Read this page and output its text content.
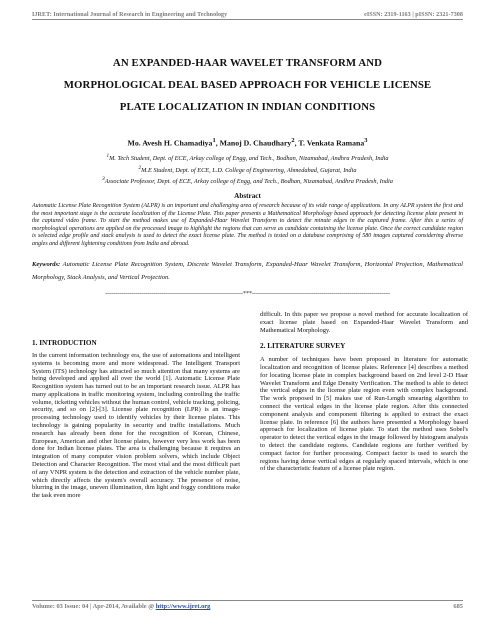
IJRET: International Journal of Research in Engineering and Technology	eISSN: 2319-1163 | pISSN: 2321-7308
AN EXPANDED-HAAR WAVELET TRANSFORM AND
MORPHOLOGICAL DEAL BASED APPROACH FOR VEHICLE LICENSE
PLATE LOCALIZATION IN INDIAN CONDITIONS
Mo. Avesh H. Chamadiya$^1$, Manoj D. Chaudhary$^2$, T. Venkata Ramana$^3$
$^1$M. Tech Student, Dept. of ECE, Arkay college of Engg, and Tech., Bodhan, Nizamabad, Andhra Pradesh, India
$^2$M.E Student, Dept. of ECE, L.D. College of Engineering, Ahmedabad, Gujarat, India
$^3$Associate Professor, Dept. of ECE, Arkay college of Engg, and Tech., Bodhan, Nizamabad, Andhra Pradesh, India
Abstract
Automatic License Plate Recognition System (ALPR) is an important and challenging area of research because of its wide range of applications. In any ALPR system the first and the most important stage is the accurate localization of the License Plate. This paper presents a Mathematical Morphology based approach for detecting license plate present in the captured video frame. To start the method makes use of Expanded-Haar Wavelet Transform to detect the minute edges in the captured frame. After this a series of morphological operations are applied on the processed image to highlight the regions that can serve as candidate containing the license plate. Once the correct candidate region is selected edge profile and stack analysis is used to detect the exact license plate. The method is tested on a database comprising of 580 images captured considering diverse angles and different lightening conditions from India and abroad.
Keywords: Automatic License Plate Recognition System, Discrete Wavelet Transform, Expanded-Haar Wavelet Transform, Horizontal Projection, Mathematical Morphology, Stack Analysis, and Vertical Projection.
---------------------------------------------------------------------***---------------------------------------------------------------------
1. INTRODUCTION

In the current information technology era, the use of automations and intelligent systems is becoming more and more widespread. The Intelligent Transport System (ITS) technology has attracted so much attention that many systems are being developed and applied all over the world [1]. Automatic License Plate Recognition system has turned out to be an important research issue. ALPR has many applications in traffic monitoring system, including controlling the traffic volume, ticketing vehicles without the human control, vehicle tracking, policing, security, and so on [2]-[3]. License plate recognition (LPR) is an image-processing technology used to identify vehicles by their license plates. This technology is gaining popularity in security and traffic installations. Much research has already been done for the recognition of Korean, Chinese, European, American and other license plates, however very less work has been done for Indian license plates. The area is challenging because it requires an integration of many computer vision problem solvers, which include Object Detection and Character Recognition. The most vital and the most difficult part of any VNPR system is the detection and extraction of the vehicle number plate, which directly affects the system's overall accuracy. The presence of noise, blurring in the image, uneven illumination, dim light and foggy conditions make the task even more

difficult. In this paper we propose a novel method for accurate localization of exact license plate based on Expanded-Haar Wavelet Transform and Mathematical Morphology.

2. LITERATURE SURVEY

A number of techniques have been proposed in literature for automatic localization and recognition of license plates. Reference [4] describes a method for locating license plate in complex background based on 2nd level 2-D Haar Wavelet Transform and Edge Density Verification. The method is able to detect the vertical edges in the license plate region even with complex background. The work proposed in [5] makes use of Run-Length smearing algorithm to connect the vertical edges in the license plate region. After this connected component analysis and component filtering is applied to extract the exact license plate. In reference [6] the authors have presented a Morphology based approach for localization of license plate. To start the method uses Sobel's operator to detect the vertical edges in the image followed by histogram analysis to detect the candidate regions. Candidate regions are further verified by compact factor for further processing. Compact factor is used to search the regions having dense vertical edges at regularly spaced intervals, which is one of the characteristic feature of a license plate region.

Volume: 03 Issue: 04 | Apr-2014, Available @ http://www.ijret.org	685
